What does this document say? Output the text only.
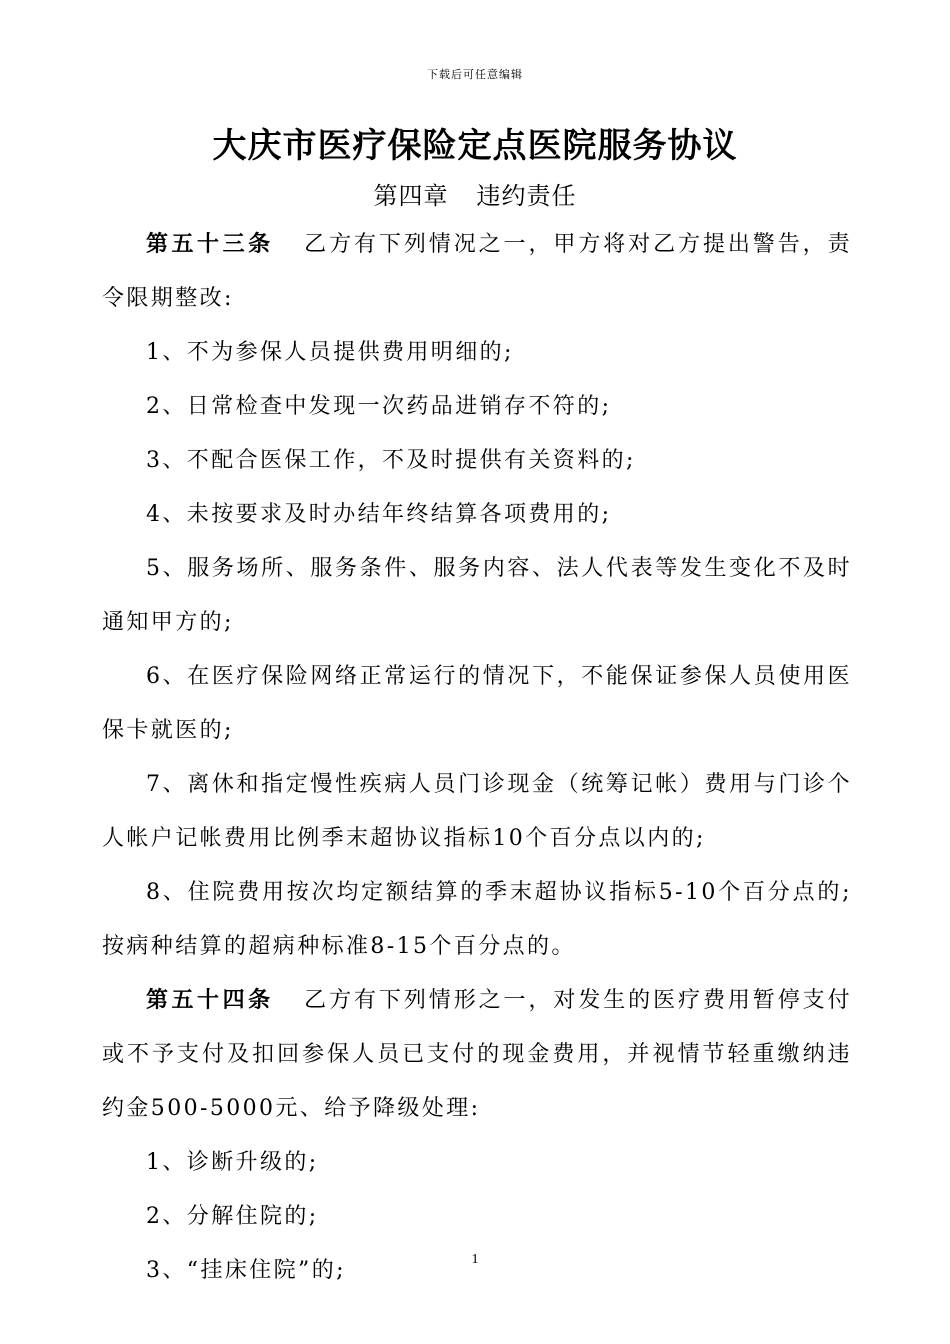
下载后可任意编辑
大庆市医疗保险定点医院服务协议
第四章 违约责任

第五十三条 乙方有下列情况之一，甲方将对乙方提出警告，责令限期整改:

1、不为参保人员提供费用明细的;

2、日常检查中发现一次药品进销存不符的;

3、不配合医保工作，不及时提供有关资料的;

4、未按要求及时办结年终结算各项费用的;

5、服务场所、服务条件、服务内容、法人代表等发生变化不及时通知甲方的;

6、在医疗保险网络正常运行的情况下，不能保证参保人员使用医保卡就医的;

7、离休和指定慢性疾病人员门诊现金（统筹记帐）费用与门诊个人帐户记帐费用比例季末超协议指标10个百分点以内的;

8、住院费用按次均定额结算的季末超协议指标5-10个百分点的; 按病种结算的超病种标准8-15个百分点的。

第五十四条 乙方有下列情形之一，对发生的医疗费用暂停支付或不予支付及扣回参保人员已支付的现金费用，并视情节轻重缴纳违约金500-5000元、给予降级处理:

1、诊断升级的;

2、分解住院的;

3、“挂床住院”的;	1
